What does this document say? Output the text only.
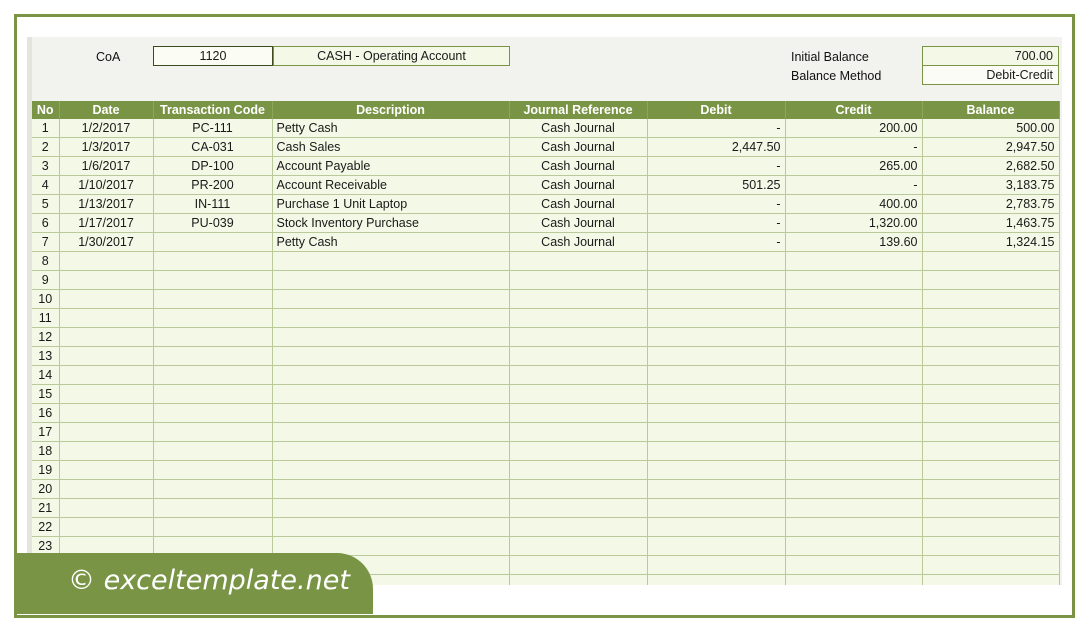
CoA	1120	CASH - Operating Account	Initial Balance	700.00
Balance Method	Debit-Credit
No	Date	Transaction Code	Description	Journal Reference	Debit	Credit	Balance
1	1/2/2017	PC-111	Petty Cash	Cash Journal	-	200.00	500.00
2	1/3/2017	CA-031	Cash Sales	Cash Journal	2,447.50	-	2,947.50
3	1/6/2017	DP-100	Account Payable	Cash Journal	-	265.00	2,682.50
4	1/10/2017	PR-200	Account Receivable	Cash Journal	501.25	-	3,183.75
5	1/13/2017	IN-111	Purchase 1 Unit Laptop	Cash Journal	-	400.00	2,783.75
6	1/17/2017	PU-039	Stock Inventory Purchase	Cash Journal	-	1,320.00	1,463.75
7	1/30/2017		Petty Cash	Cash Journal	-	139.60	1,324.15
8							
9							
10							
11							
12							
13							
14							
15							
16							
17							
18							
19							
20							
21							
22							
23							

© exceltemplate.net
